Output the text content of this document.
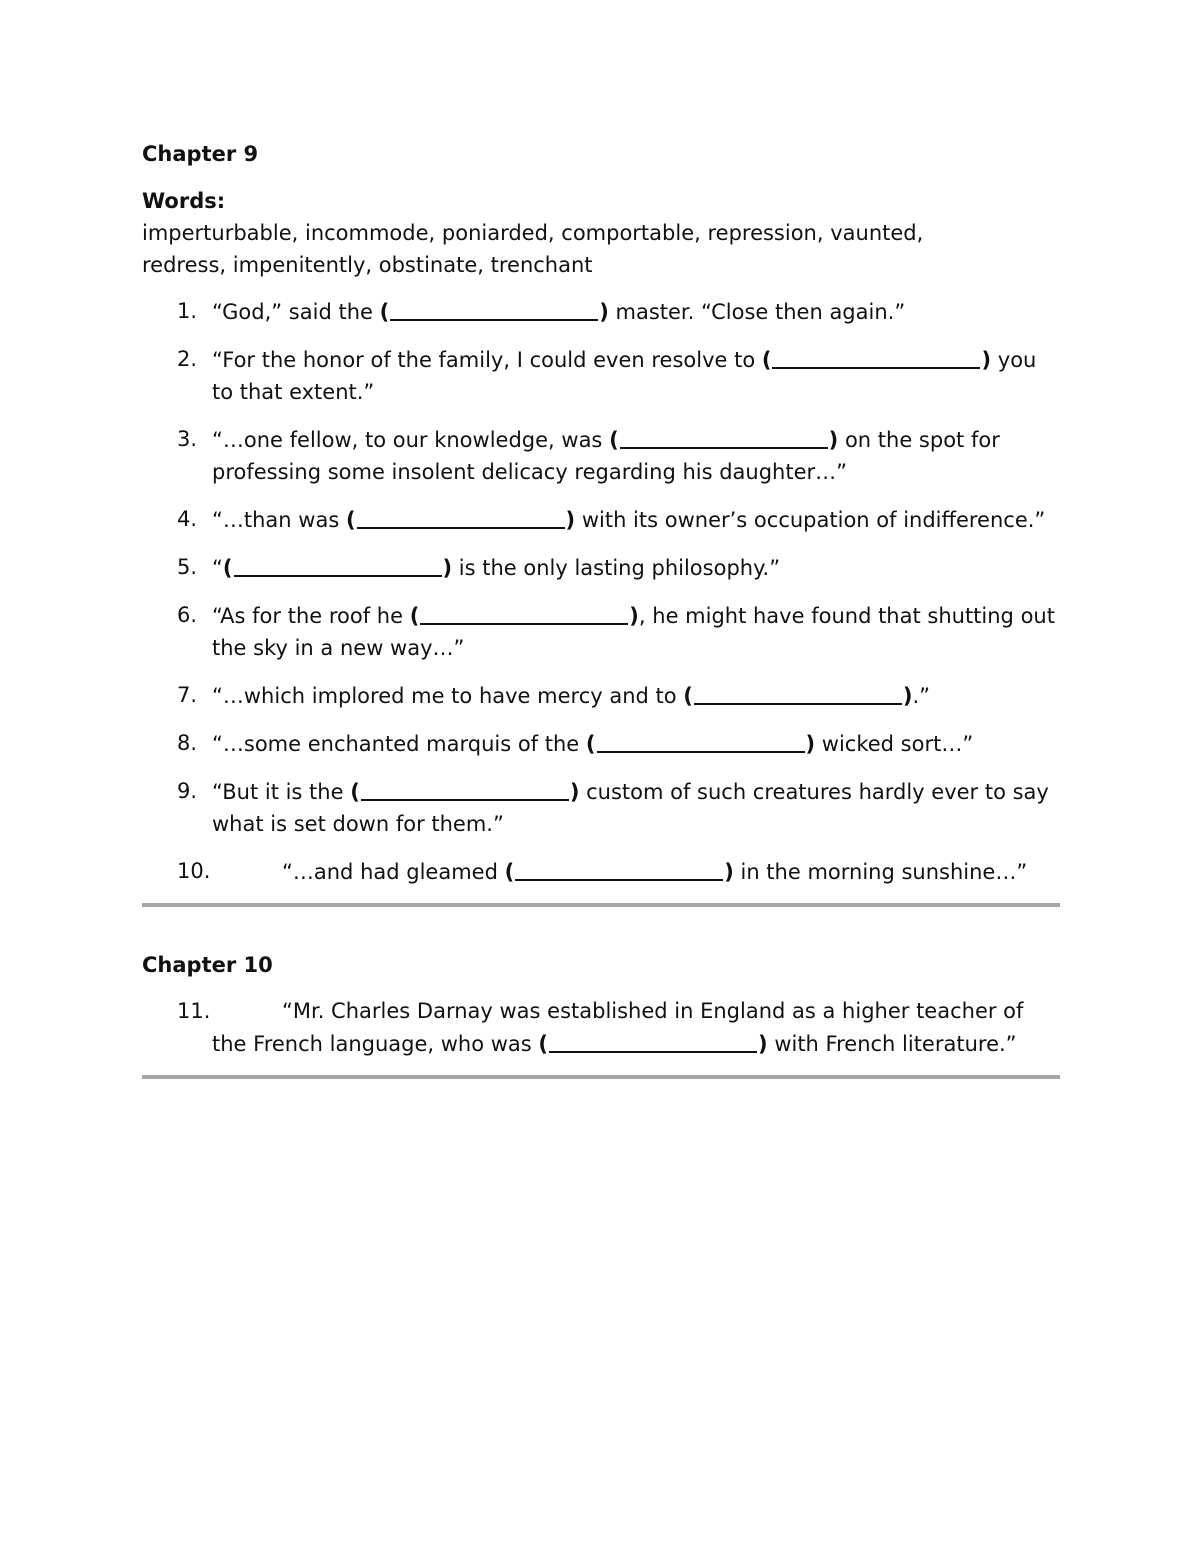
Chapter 9
Words:
imperturbable, incommode, poniarded, comportable, repression, vaunted,
redress, impenitently, obstinate, trenchant
1. “God,” said the (	) master. “Close then again.”
2. “For the honor of the family, I could even resolve to (	) you to that extent.”
3. “…one fellow, to our knowledge, was (	) on the spot for professing some insolent delicacy regarding his daughter…”
4. “…than was (	) with its owner’s occupation of indifference.”
5. “(	) is the only lasting philosophy.”
6. “As for the roof he (	), he might have found that shutting out the sky in a new way…”
7. “…which implored me to have mercy and to (	).”
8. “…some enchanted marquis of the (	) wicked sort…”
9. “But it is the (	) custom of such creatures hardly ever to say what is set down for them.”
10.	“…and had gleamed (	) in the morning sunshine…”
Chapter 10
11.	“Mr. Charles Darnay was established in England as a higher teacher of the French language, who was (	) with French literature.”
